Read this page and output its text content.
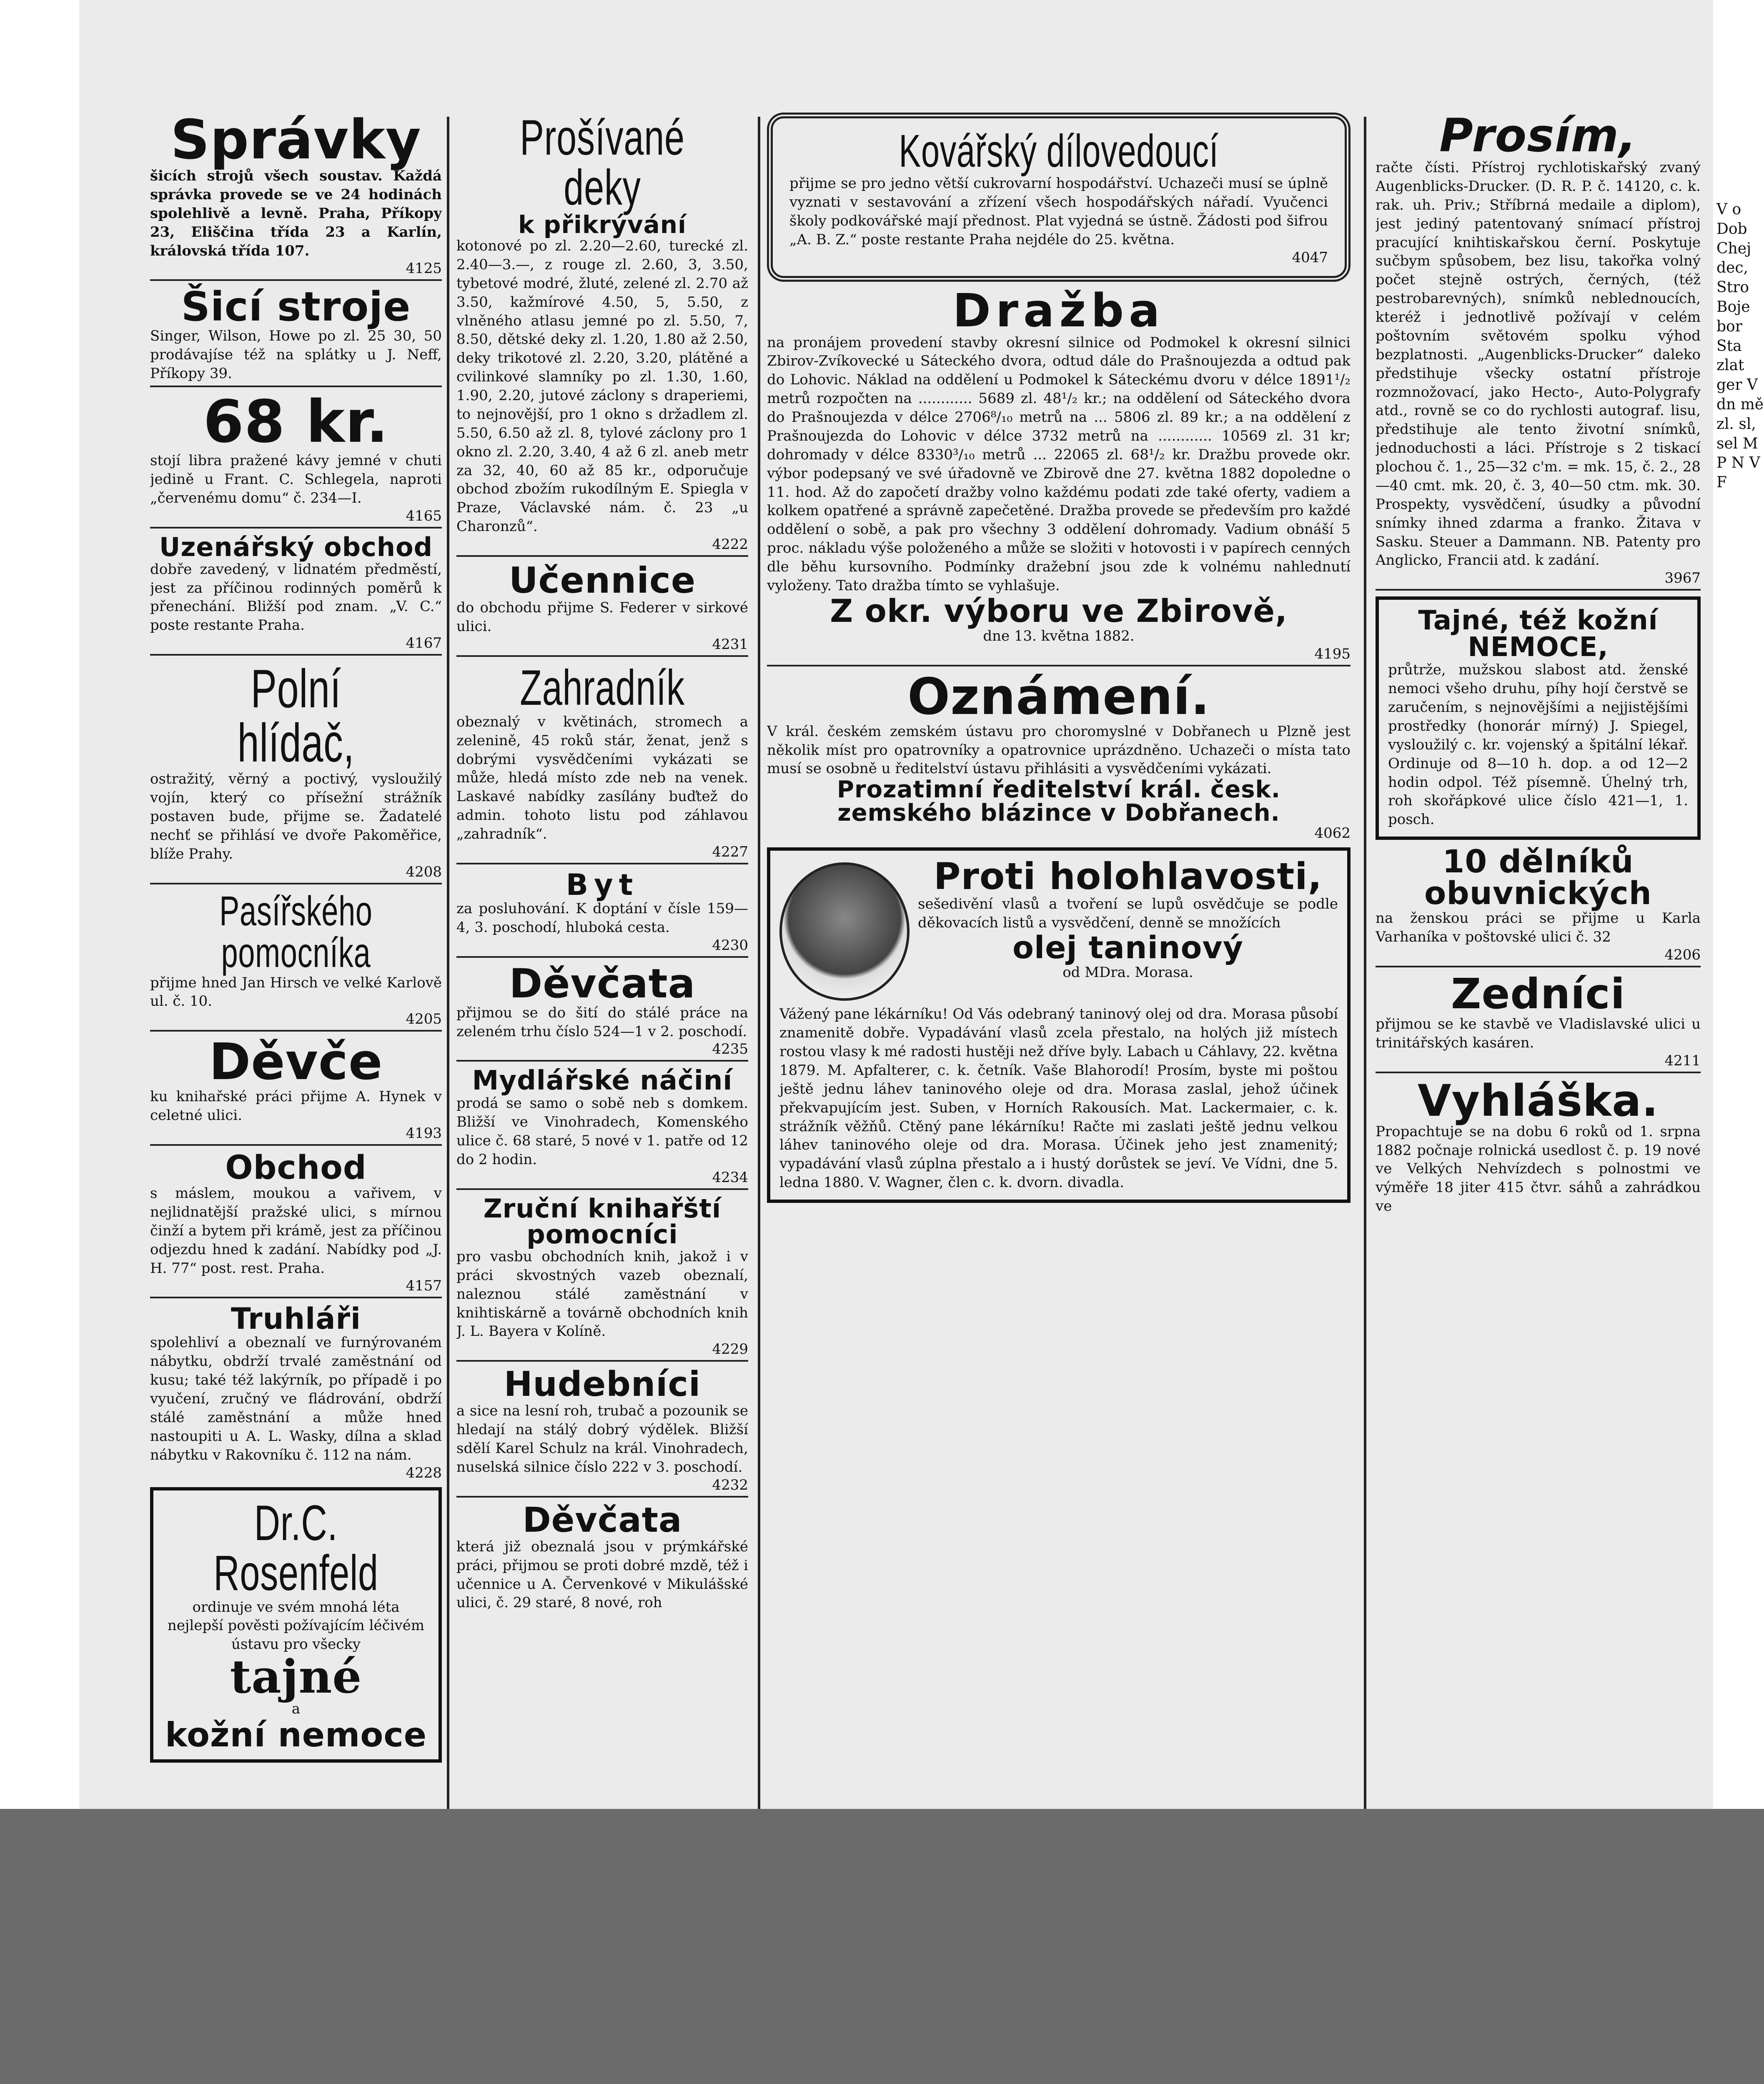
V o Dob Chej dec, Stro Boje bor Sta zlat ger V dn mě zl. sl, sel M P N V F
Správky
šicích strojů všech soustav. Každá správka provede se ve 24 hodinách spolehlivě a levně. Praha, Příkopy 23, Eliščina třída 23 a Karlín, královská třída 107.
4125
Šicí stroje
Singer, Wilson, Howe po zl. 25 30, 50 prodávajíse též na splátky u J. Neff, Příkopy 39.
68 kr.
stojí libra pražené kávy jemné v chuti jedině u Frant. C. Schlegela, naproti „červenému domu“ č. 234—I.
4165
Uzenářský obchod
dobře zavedený, v lidnatém předměstí, jest za příčinou rodinných poměrů k přenechání. Bližší pod znam. „V. C.“ poste restante Praha.
4167
Polní hlídač,
ostražitý, věrný a poctivý, vysloužilý vojín, který co přísežní strážník postaven bude, přijme se. Žadatelé nechť se přihlásí ve dvoře Pakoměřice, blíže Prahy.
4208
Pasířského pomocníka
přijme hned Jan Hirsch ve velké Karlově ul. č. 10.
4205
Děvče
ku knihařské práci přijme A. Hynek v celetné ulici.
4193
Obchod
s máslem, moukou a vařivem, v nejlidnatější pražské ulici, s mírnou činží a bytem při krámě, jest za příčinou odjezdu hned k zadání. Nabídky pod „J. H. 77“ post. rest. Praha.
4157
Truhláři
spolehliví a obeznalí ve furnýrovaném nábytku, obdrží trvalé zaměstnání od kusu; také též lakýrník, po případě i po vyučení, zručný ve fládrování, obdrží stálé zaměstnání a může hned nastoupiti u A. L. Wasky, dílna a sklad nábytku v Rakovníku č. 112 na nám.
4228
Dr.C. Rosenfeld
ordinuje ve svém mnohá léta nejlepší pověsti požívajícím léčivém ústavu pro všecky
tajné
a
kožní nemoce
Prošívané deky
k přikrývání
kotonové po zl. 2.20—2.60, turecké zl. 2.40—3.—, z rouge zl. 2.60, 3, 3.50, tybetové modré, žluté, zelené zl. 2.70 až 3.50, kažmírové 4.50, 5, 5.50, z vlněného atlasu jemné po zl. 5.50, 7, 8.50, dětské deky zl. 1.20, 1.80 až 2.50, deky trikotové zl. 2.20, 3.20, plátěné a cvilinkové slamníky po zl. 1.30, 1.60, 1.90, 2.20, jutové záclony s draperiemi, to nejnovější, pro 1 okno s držadlem zl. 5.50, 6.50 až zl. 8, tylové záclony pro 1 okno zl. 2.20, 3.40, 4 až 6 zl. aneb metr za 32, 40, 60 až 85 kr., odporučuje obchod zbožím rukodílným E. Spiegla v Praze, Václavské nám. č. 23 „u Charonzů“.
4222
Učennice
do obchodu přijme S. Federer v sirkové ulici.
4231
Zahradník
obeznalý v květinách, stromech a zelenině, 45 roků stár, ženat, jenž s dobrými vysvědčeními vykázati se může, hledá místo zde neb na venek. Laskavé nabídky zasílány buďtež do admin. tohoto listu pod záhlavou „zahradník“.
4227
Byt
za posluhování. K doptání v čísle 159—4, 3. poschodí, hluboká cesta.
4230
Děvčata
přijmou se do šití do stálé práce na zeleném trhu číslo 524—1 v 2. poschodí.
4235
Mydlářské náčiní
prodá se samo o sobě neb s domkem. Bližší ve Vinohradech, Komenského ulice č. 68 staré, 5 nové v 1. patře od 12 do 2 hodin.
4234
Zruční knihařští pomocníci
pro vasbu obchodních knih, jakož i v práci skvostných vazeb obeznalí, naleznou stálé zaměstnání v knihtiskárně a továrně obchodních knih J. L. Bayera v Kolíně.
4229
Hudebníci
a sice na lesní roh, trubač a pozounik se hledají na stálý dobrý výdělek. Bližší sdělí Karel Schulz na král. Vinohradech, nuselská silnice číslo 222 v 3. poschodí.
4232
Děvčata
která již obeznalá jsou v prýmkářské práci, přijmou se proti dobré mzdě, též i učennice u A. Červenkové v Mikulášské ulici, č. 29 staré, 8 nové, roh
Kovářský dílovedoucí
přijme se pro jedno větší cukrovarní hospodářství. Uchazeči musí se úplně vyznati v sestavování a zřízení všech hospodářských nářadí. Vyučenci školy podkovářské mají přednost. Plat vyjedná se ústně. Žádosti pod šifrou „A. B. Z.“ poste restante Praha nejdéle do 25. května.
4047
Dražba
na pronájem provedení stavby okresní silnice od Podmokel k okresní silnici Zbirov-Zvíkovecké u Sáteckého dvora, odtud dále do Prašnoujezda a odtud pak do Lohovic. Náklad na oddělení u Podmokel k Sáteckému dvoru v délce 1891¹/₂ metrů rozpočten na ............ 5689 zl. 48¹/₂ kr.; na oddělení od Sáteckého dvora do Prašnoujezda v délce 2706⁸/₁₀ metrů na ... 5806 zl. 89 kr.; a na oddělení z Prašnoujezda do Lohovic v délce 3732 metrů na ............ 10569 zl. 31 kr; dohromady v délce 8330³/₁₀ metrů ... 22065 zl. 68¹/₂ kr. Dražbu provede okr. výbor podepsaný ve své úřadovně ve Zbirově dne 27. května 1882 dopoledne o 11. hod. Až do započetí dražby volno každému podati zde také oferty, vadiem a kolkem opatřené a správně zapečetěné. Dražba provede se především pro každé oddělení o sobě, a pak pro všechny 3 oddělení dohromady. Vadium obnáší 5 proc. nákladu výše položeného a může se složiti v hotovosti i v papírech cenných dle běhu kursovního. Podmínky dražební jsou zde k volnému nahlednutí vyloženy. Tato dražba tímto se vyhlašuje.
Z okr. výboru ve Zbirově,
dne 13. května 1882.
4195
Oznámení.
V král. českém zemském ústavu pro choromyslné v Dobřanech u Plzně jest několik míst pro opatrovníky a opatrovnice uprázdněno. Uchazeči o místa tato musí se osobně u ředitelství ústavu přihlásiti a vysvědčeními vykázati.
Prozatimní ředitelství král. česk. zemského blázince v Dobřanech.
4062
Proti holohlavosti,
sešedivění vlasů a tvoření se lupů osvědčuje se podle děkovacích listů a vysvědčení, denně se množících
olej taninový
od MDra. Morasa.
Vážený pane lékárníku! Od Vás odebraný taninový olej od dra. Morasa působí znamenitě dobře. Vypadávání vlasů zcela přestalo, na holých již místech rostou vlasy k mé radosti hustěji než dříve byly. Labach u Cáhlavy, 22. května 1879. M. Apfalterer, c. k. četník. Vaše Blahorodí! Prosím, byste mi poštou ještě jednu láhev taninového oleje od dra. Morasa zaslal, jehož účinek překvapujícím jest. Suben, v Horních Rakousích. Mat. Lackermaier, c. k. strážník věžňů. Ctěný pane lékárníku! Račte mi zaslati ještě jednu velkou láhev taninového oleje od dra. Morasa. Účinek jeho jest znamenitý; vypadávání vlasů zúplna přestalo a i hustý dorůstek se jeví. Ve Vídni, dne 5. ledna 1880. V. Wagner, člen c. k. dvorn. divadla.
Prosím,
račte čísti. Přístroj rychlotiskařský zvaný Augenblicks-Drucker. (D. R. P. č. 14120, c. k. rak. uh. Priv.; Stříbrná medaile a diplom), jest jediný patentovaný snímací přístroj pracující knihtiskařskou černí. Poskytuje sučbym spůsobem, bez lisu, takořka volný počet stejně ostrých, černých, (též pestrobarevných), snímků neblednoucích, kteréž i jednotlivě požívají v celém poštovním světovém spolku výhod bezplatnosti. „Augenblicks-Drucker“ daleko předstihuje všecky ostatní přístroje rozmnožovací, jako Hecto-, Auto-Polygrafy atd., rovně se co do rychlosti autograf. lisu, předstihuje ale tento životní snímků, jednoduchosti a láci. Přístroje s 2 tiskací plochou č. 1., 25—32 c'm. = mk. 15, č. 2., 28—40 cmt. mk. 20, č. 3, 40—50 ctm. mk. 30. Prospekty, vysvědčení, úsudky a původní snímky ihned zdarma a franko. Žitava v Sasku. Steuer a Dammann. NB. Patenty pro Anglicko, Francii atd. k zadání.
3967
Tajné, též kožní NEMOCE,
průtrže, mužskou slabost atd. ženské nemoci všeho druhu, píhy hojí čerstvě se zaručením, s nejnovějšími a nejjistějšími prostředky (honorár mírný) J. Spiegel, vysloužilý c. kr. vojenský a špitální lékař. Ordinuje od 8—10 h. dop. a od 12—2 hodin odpol. Též písemně. Úhelný trh, roh skořápkové ulice číslo 421—1, 1. posch.
10 dělníků obuvnických
na ženskou práci se přijme u Karla Varhaníka v poštovské ulici č. 32
4206
Zedníci
přijmou se ke stavbě ve Vladislavské ulici u trinitářských kasáren.
4211
Vyhláška.
Propachtuje se na dobu 6 roků od 1. srpna 1882 počnaje rolnická usedlost č. p. 19 nové ve Velkých Nehvízdech s polnostmi ve výměře 18 jiter 415 čtvr. sáhů a zahrádkou ve
